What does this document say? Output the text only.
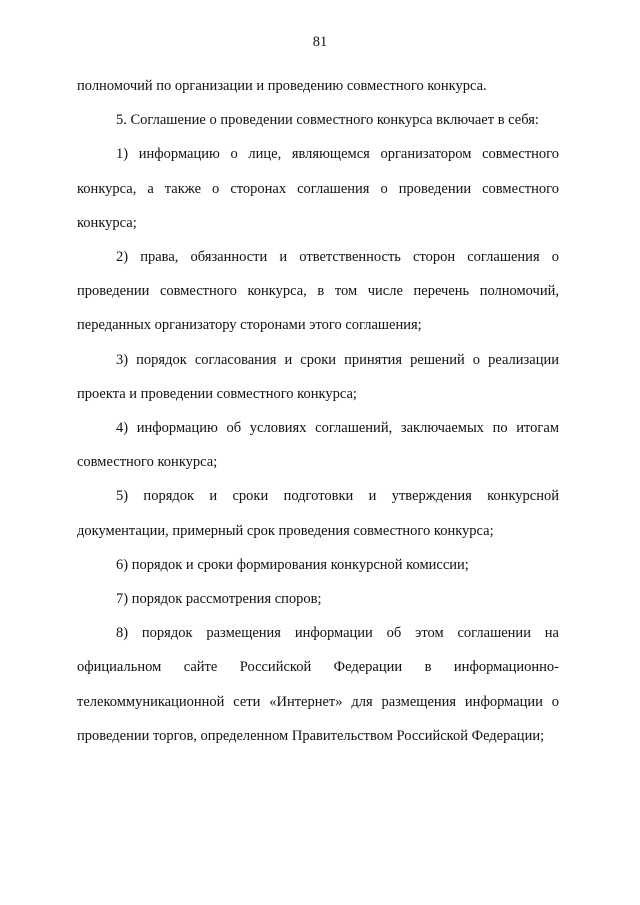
81

полномочий по организации и проведению совместного конкурса.

5. Соглашение о проведении совместного конкурса включает в себя:

1) информацию о лице, являющемся организатором совместного конкурса, а также о сторонах соглашения о проведении совместного конкурса;

2) права, обязанности и ответственность сторон соглашения о проведении совместного конкурса, в том числе перечень полномочий, переданных организатору сторонами этого соглашения;

3) порядок согласования и сроки принятия решений о реализации проекта и проведении совместного конкурса;

4) информацию об условиях соглашений, заключаемых по итогам совместного конкурса;

5) порядок и сроки подготовки и утверждения конкурсной документации, примерный срок проведения совместного конкурса;

6) порядок и сроки формирования конкурсной комиссии;

7) порядок рассмотрения споров;

8) порядок размещения информации об этом соглашении на официальном сайте Российской Федерации в информационно-телекоммуникационной сети «Интернет» для размещения информации о проведении торгов, определенном Правительством Российской Федерации;
